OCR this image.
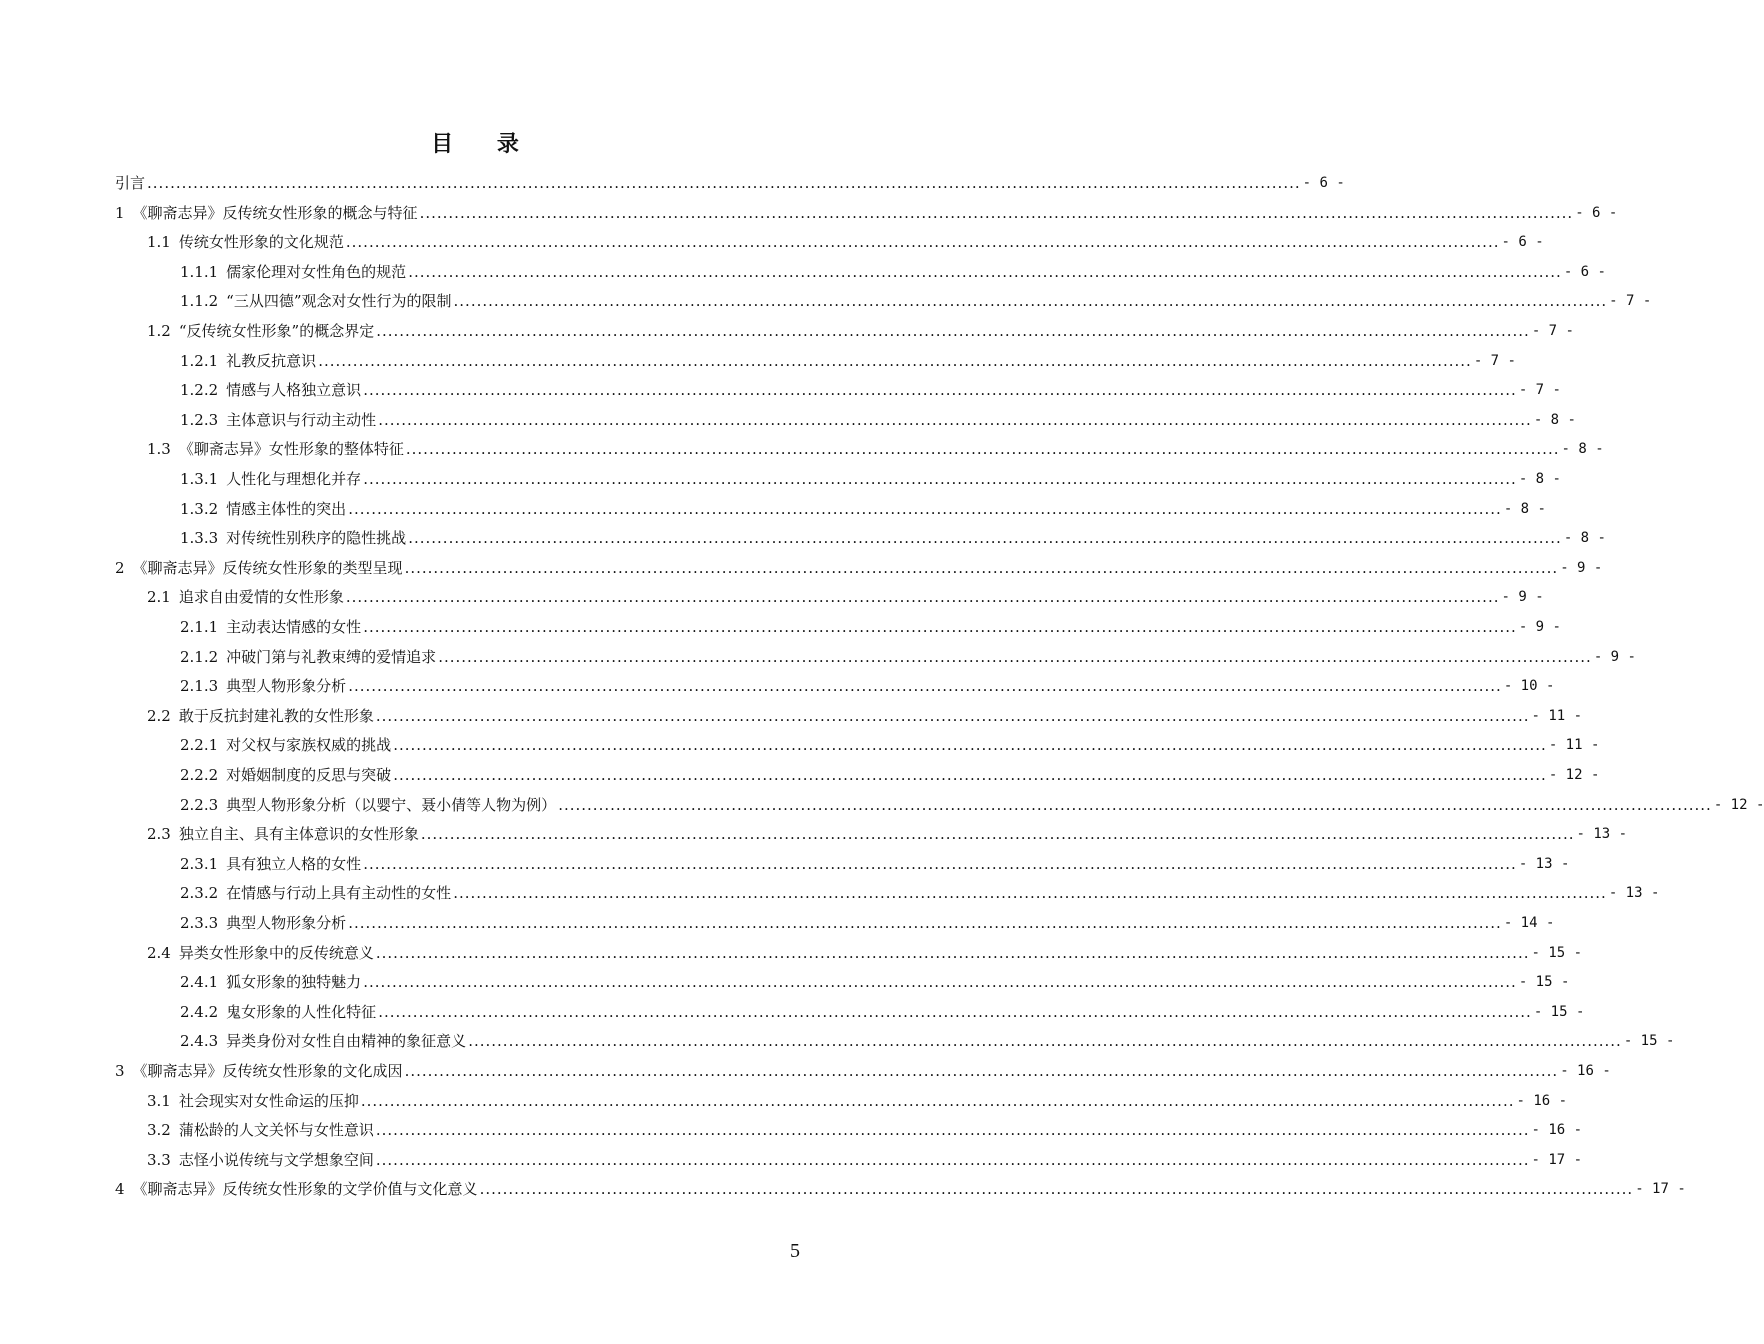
目 录
引言 ........................................................................................................................................................................................................ - 6 -
1 《聊斋志异》反传统女性形象的概念与特征 ........................................................................................................................................................................................................ - 6 -
1.1 传统女性形象的文化规范 ........................................................................................................................................................................................................ - 6 -
1.1.1 儒家伦理对女性角色的规范 ........................................................................................................................................................................................................ - 6 -
1.1.2 “三从四德”观念对女性行为的限制 ........................................................................................................................................................................................................ - 7 -
1.2 “反传统女性形象”的概念界定 ........................................................................................................................................................................................................ - 7 -
1.2.1 礼教反抗意识 ........................................................................................................................................................................................................ - 7 -
1.2.2 情感与人格独立意识 ........................................................................................................................................................................................................ - 7 -
1.2.3 主体意识与行动主动性 ........................................................................................................................................................................................................ - 8 -
1.3 《聊斋志异》女性形象的整体特征 ........................................................................................................................................................................................................ - 8 -
1.3.1 人性化与理想化并存 ........................................................................................................................................................................................................ - 8 -
1.3.2 情感主体性的突出 ........................................................................................................................................................................................................ - 8 -
1.3.3 对传统性别秩序的隐性挑战 ........................................................................................................................................................................................................ - 8 -
2 《聊斋志异》反传统女性形象的类型呈现 ........................................................................................................................................................................................................ - 9 -
2.1 追求自由爱情的女性形象 ........................................................................................................................................................................................................ - 9 -
2.1.1 主动表达情感的女性 ........................................................................................................................................................................................................ - 9 -
2.1.2 冲破门第与礼教束缚的爱情追求 ........................................................................................................................................................................................................ - 9 -
2.1.3 典型人物形象分析 ........................................................................................................................................................................................................ - 10 -
2.2 敢于反抗封建礼教的女性形象 ........................................................................................................................................................................................................ - 11 -
2.2.1 对父权与家族权威的挑战 ........................................................................................................................................................................................................ - 11 -
2.2.2 对婚姻制度的反思与突破 ........................................................................................................................................................................................................ - 12 -
2.2.3 典型人物形象分析（以婴宁、聂小倩等人物为例） ........................................................................................................................................................................................................ - 12 -
2.3 独立自主、具有主体意识的女性形象 ........................................................................................................................................................................................................ - 13 -
2.3.1 具有独立人格的女性 ........................................................................................................................................................................................................ - 13 -
2.3.2 在情感与行动上具有主动性的女性 ........................................................................................................................................................................................................ - 13 -
2.3.3 典型人物形象分析 ........................................................................................................................................................................................................ - 14 -
2.4 异类女性形象中的反传统意义 ........................................................................................................................................................................................................ - 15 -
2.4.1 狐女形象的独特魅力 ........................................................................................................................................................................................................ - 15 -
2.4.2 鬼女形象的人性化特征 ........................................................................................................................................................................................................ - 15 -
2.4.3 异类身份对女性自由精神的象征意义 ........................................................................................................................................................................................................ - 15 -
3 《聊斋志异》反传统女性形象的文化成因 ........................................................................................................................................................................................................ - 16 -
3.1 社会现实对女性命运的压抑 ........................................................................................................................................................................................................ - 16 -
3.2 蒲松龄的人文关怀与女性意识 ........................................................................................................................................................................................................ - 16 -
3.3 志怪小说传统与文学想象空间 ........................................................................................................................................................................................................ - 17 -
4 《聊斋志异》反传统女性形象的文学价值与文化意义 ........................................................................................................................................................................................................ - 17 -
5
